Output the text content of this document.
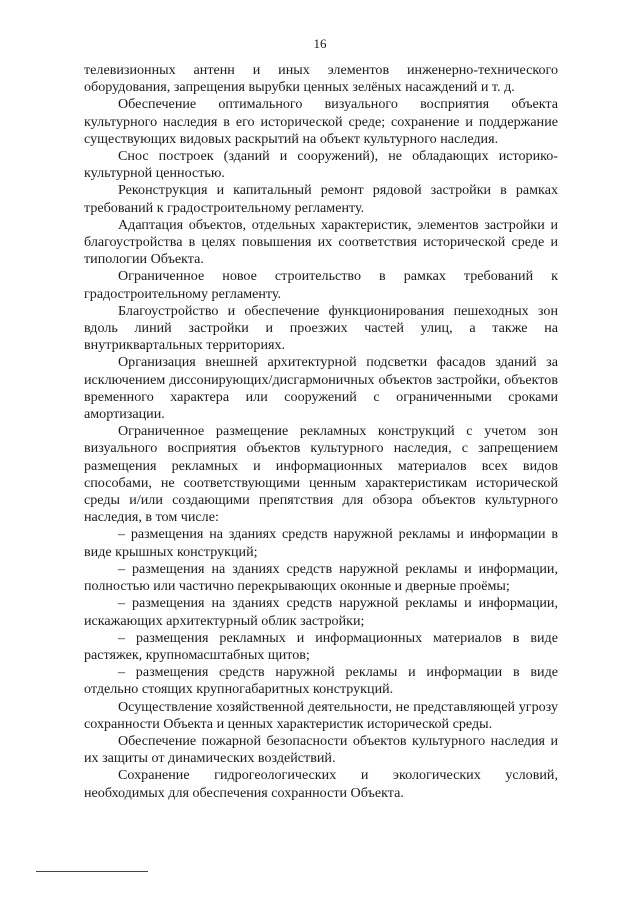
16

телевизионных антенн и иных элементов инженерно-технического оборудования, запрещения вырубки ценных зелёных насаждений и т. д.

Обеспечение оптимального визуального восприятия объекта культурного наследия в его исторической среде; сохранение и поддержание существующих видовых раскрытий на объект культурного наследия.

Снос построек (зданий и сооружений), не обладающих историко-культурной ценностью.

Реконструкция и капитальный ремонт рядовой застройки в рамках требований к градостроительному регламенту.

Адаптация объектов, отдельных характеристик, элементов застройки и благоустройства в целях повышения их соответствия исторической среде и типологии Объекта.

Ограниченное новое строительство в рамках требований к градостроительному регламенту.

Благоустройство и обеспечение функционирования пешеходных зон вдоль линий застройки и проезжих частей улиц, а также на внутриквартальных территориях.

Организация внешней архитектурной подсветки фасадов зданий за исключением диссонирующих/дисгармоничных объектов застройки, объектов временного характера или сооружений с ограниченными сроками амортизации.

Ограниченное размещение рекламных конструкций с учетом зон визуального восприятия объектов культурного наследия, с запрещением размещения рекламных и информационных материалов всех видов способами, не соответствующими ценным характеристикам исторической среды и/или создающими препятствия для обзора объектов культурного наследия, в том числе:

– размещения на зданиях средств наружной рекламы и информации в виде крышных конструкций;

– размещения на зданиях средств наружной рекламы и информации, полностью или частично перекрывающих оконные и дверные проёмы;

– размещения на зданиях средств наружной рекламы и информации, искажающих архитектурный облик застройки;

– размещения рекламных и информационных материалов в виде растяжек, крупномасштабных щитов;

– размещения средств наружной рекламы и информации в виде отдельно стоящих крупногабаритных конструкций.

Осуществление хозяйственной деятельности, не представляющей угрозу сохранности Объекта и ценных характеристик исторической среды.

Обеспечение пожарной безопасности объектов культурного наследия и их защиты от динамических воздействий.

Сохранение гидрогеологических и экологических условий, необходимых для обеспечения сохранности Объекта.
